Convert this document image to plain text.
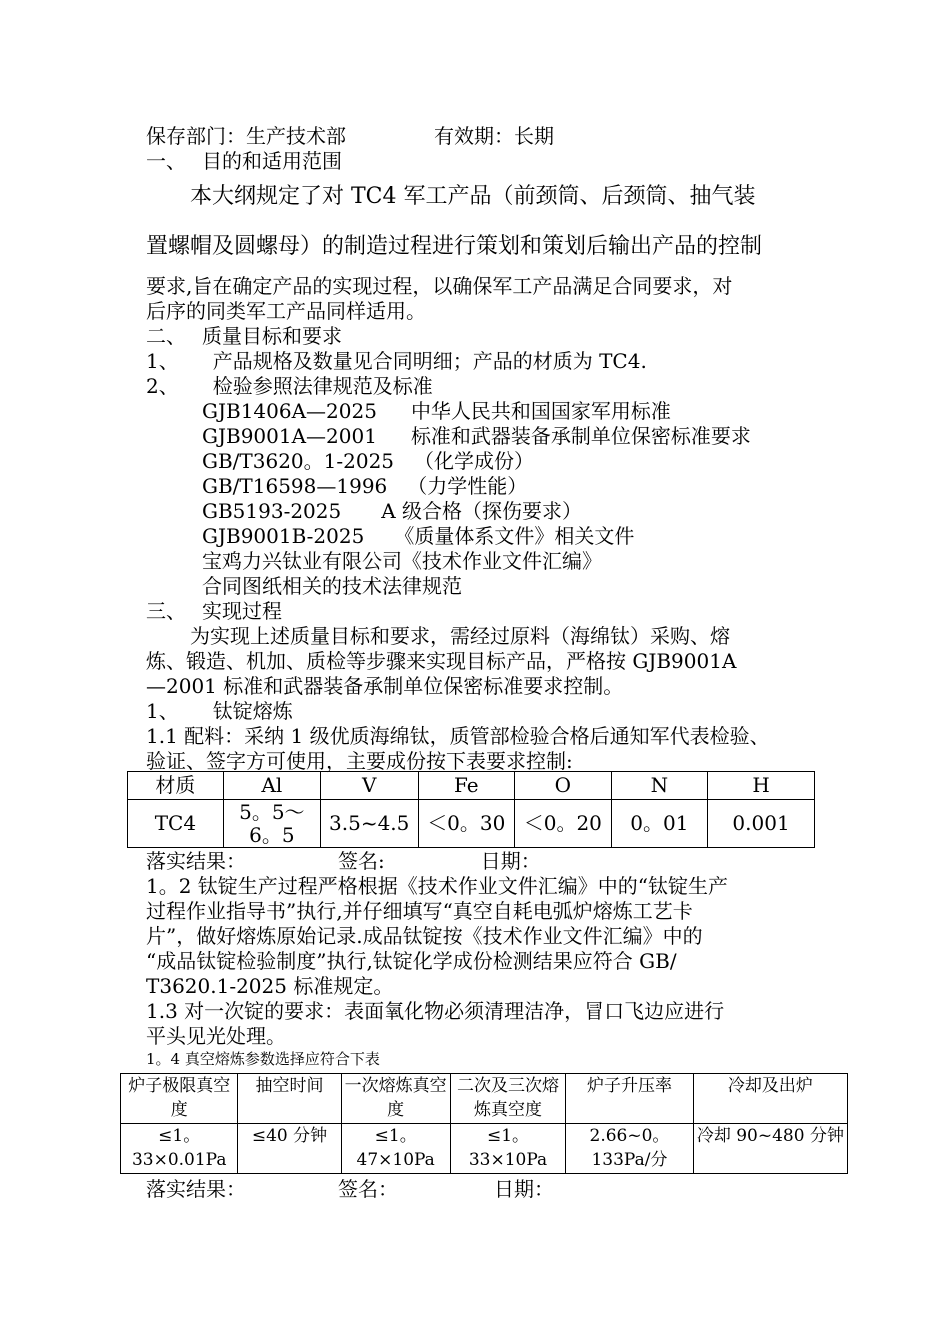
保存部门：生产技术部	有效期：长期
一、 目的和适用范围
本大纲规定了对 TC4 军工产品（前颈筒、后颈筒、抽气装
置螺帽及圆螺母）的制造过程进行策划和策划后输出产品的控制
要求,旨在确定产品的实现过程，以确保军工产品满足合同要求，对
后序的同类军工产品同样适用。
二、 质量目标和要求
1、 产品规格及数量见合同明细；产品的材质为 TC4.
2、 检验参照法律规范及标准
GJB1406A—2025 中华人民共和国国家军用标准
GJB9001A—2001 标准和武器装备承制单位保密标准要求
GB/T3620。1-2025 （化学成份）
GB/T16598—1996 （力学性能）
GB5193-2025 A 级合格（探伤要求）
GJB9001B-2025 《质量体系文件》相关文件
宝鸡力兴钛业有限公司《技术作业文件汇编》
合同图纸相关的技术法律规范
三、 实现过程
为实现上述质量目标和要求，需经过原料（海绵钛）采购、熔
炼、锻造、机加、质检等步骤来实现目标产品，严格按 GJB9001A
—2001 标准和武器装备承制单位保密标准要求控制。
1、 钛锭熔炼
1.1 配料：采纳 1 级优质海绵钛，质管部检验合格后通知军代表检验、
验证、签字方可使用，主要成份按下表要求控制:
材质	Al	V	Fe	O	N	H
TC4	5。5～6。5	3.5~4.5	＜0。30	＜0。20	0。01	0.001
落实结果：	签名:	日期：
1。2 钛锭生产过程严格根据《技术作业文件汇编》中的“钛锭生产
过程作业指导书”执行,并仔细填写“真空自耗电弧炉熔炼工艺卡
片”，做好熔炼原始记录.成品钛锭按《技术作业文件汇编》中的
“成品钛锭检验制度”执行,钛锭化学成份检测结果应符合 GB/
T3620.1-2025 标准规定。
1.3 对一次锭的要求：表面氧化物必须清理洁净，冒口飞边应进行
平头见光处理。
1。4 真空熔炼参数选择应符合下表
炉子极限真空度	抽空时间	一次熔炼真空度	二次及三次熔炼真空度	炉子升压率	冷却及出炉
≤1。33×0.01Pa	≤40 分钟	≤1。47×10Pa	≤1。33×10Pa	2.66~0。133Pa/分	冷却 90~480 分钟
落实结果：	签名：	日期：
